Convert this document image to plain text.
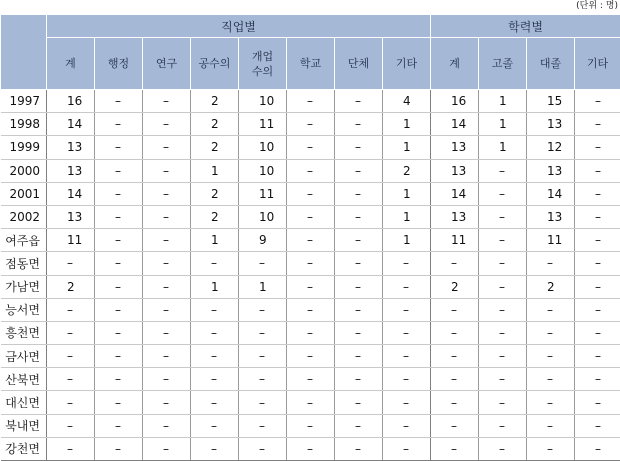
(단위 : 명)
	직업별								학력별			
	계	행정	연구	공수의	개업수의	학교	단체	기타	계	고졸	대졸	기타
1997	16	–	–	2	10	–	–	4	16	1	15	–
1998	14	–	–	2	11	–	–	1	14	1	13	–
1999	13	–	–	2	10	–	–	1	13	1	12	–
2000	13	–	–	1	10	–	–	2	13	–	13	–
2001	14	–	–	2	11	–	–	1	14	–	14	–
2002	13	–	–	2	10	–	–	1	13	–	13	–
여주읍	11	–	–	1	9	–	–	1	11	–	11	–
점동면	–	–	–	–	–	–	–	–	–	–	–	–
가남면	2	–	–	1	1	–	–	–	2	–	2	–
능서면	–	–	–	–	–	–	–	–	–	–	–	–
흥천면	–	–	–	–	–	–	–	–	–	–	–	–
금사면	–	–	–	–	–	–	–	–	–	–	–	–
산북면	–	–	–	–	–	–	–	–	–	–	–	–
대신면	–	–	–	–	–	–	–	–	–	–	–	–
북내면	–	–	–	–	–	–	–	–	–	–	–	–
강천면	–	–	–	–	–	–	–	–	–	–	–	–
